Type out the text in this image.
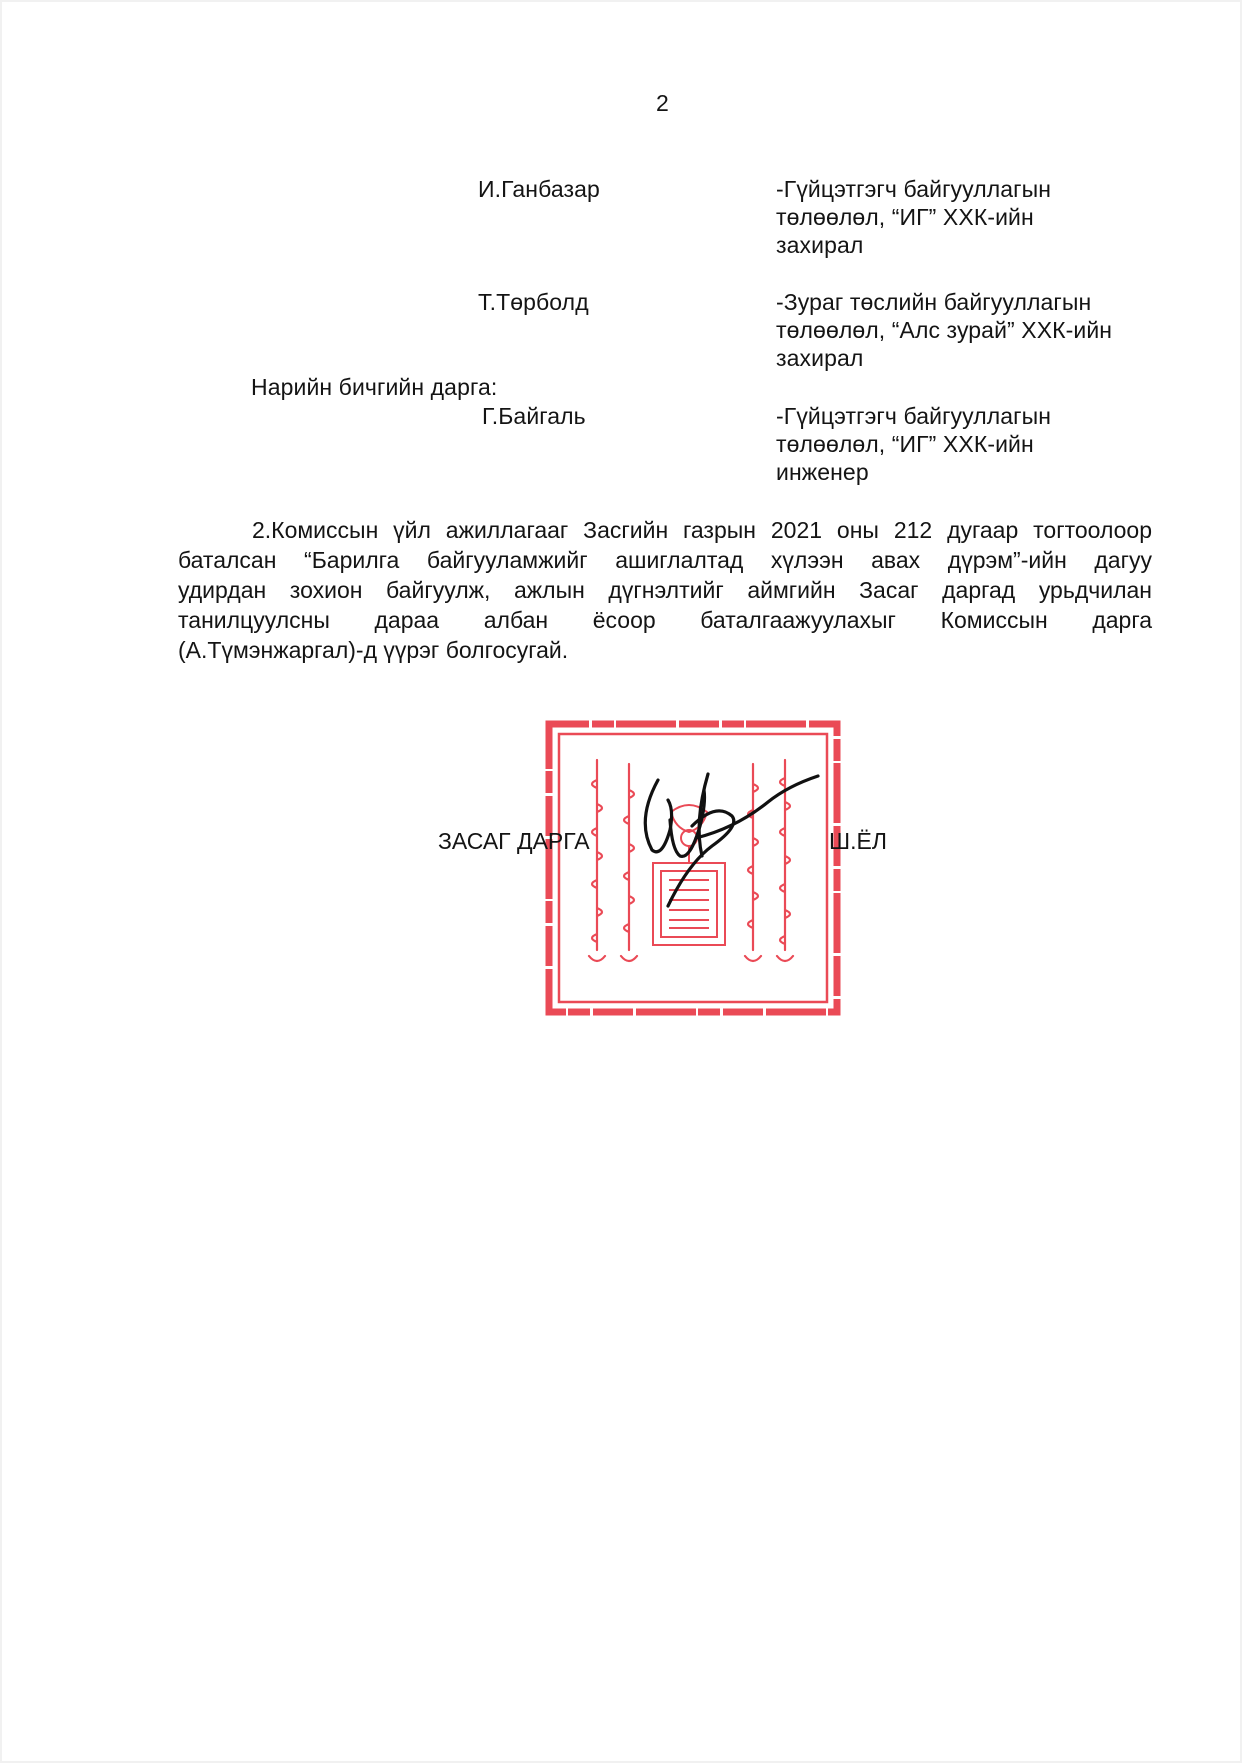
2
И.Ганбазар	-Гүйцэтгэгч байгууллагын
төлөөлөл, “ИГ” ХХК-ийн
захирал
Т.Төрболд	-Зураг төслийн байгууллагын
төлөөлөл, “Алс зурай” ХХК-ийн
захирал
Нарийн бичгийн дарга:
Г.Байгаль	-Гүйцэтгэгч байгууллагын
төлөөлөл, “ИГ” ХХК-ийн
инженер
2.Комиссын үйл ажиллагааг Засгийн газрын 2021 оны 212 дугаар тогтоолоор
баталсан “Барилга байгууламжийг ашиглалтад хүлээн авах дүрэм”-ийн дагуу
удирдан зохион байгуулж, ажлын дүгнэлтийг аймгийн Засаг даргад урьдчилан
танилцуулсны дараа албан ёсоор баталгаажуулахыг Комиссын дарга
(А.Түмэнжаргал)-д үүрэг болгосугай.
ЗАСАГ ДАРГА	Ш.ЁЛ
